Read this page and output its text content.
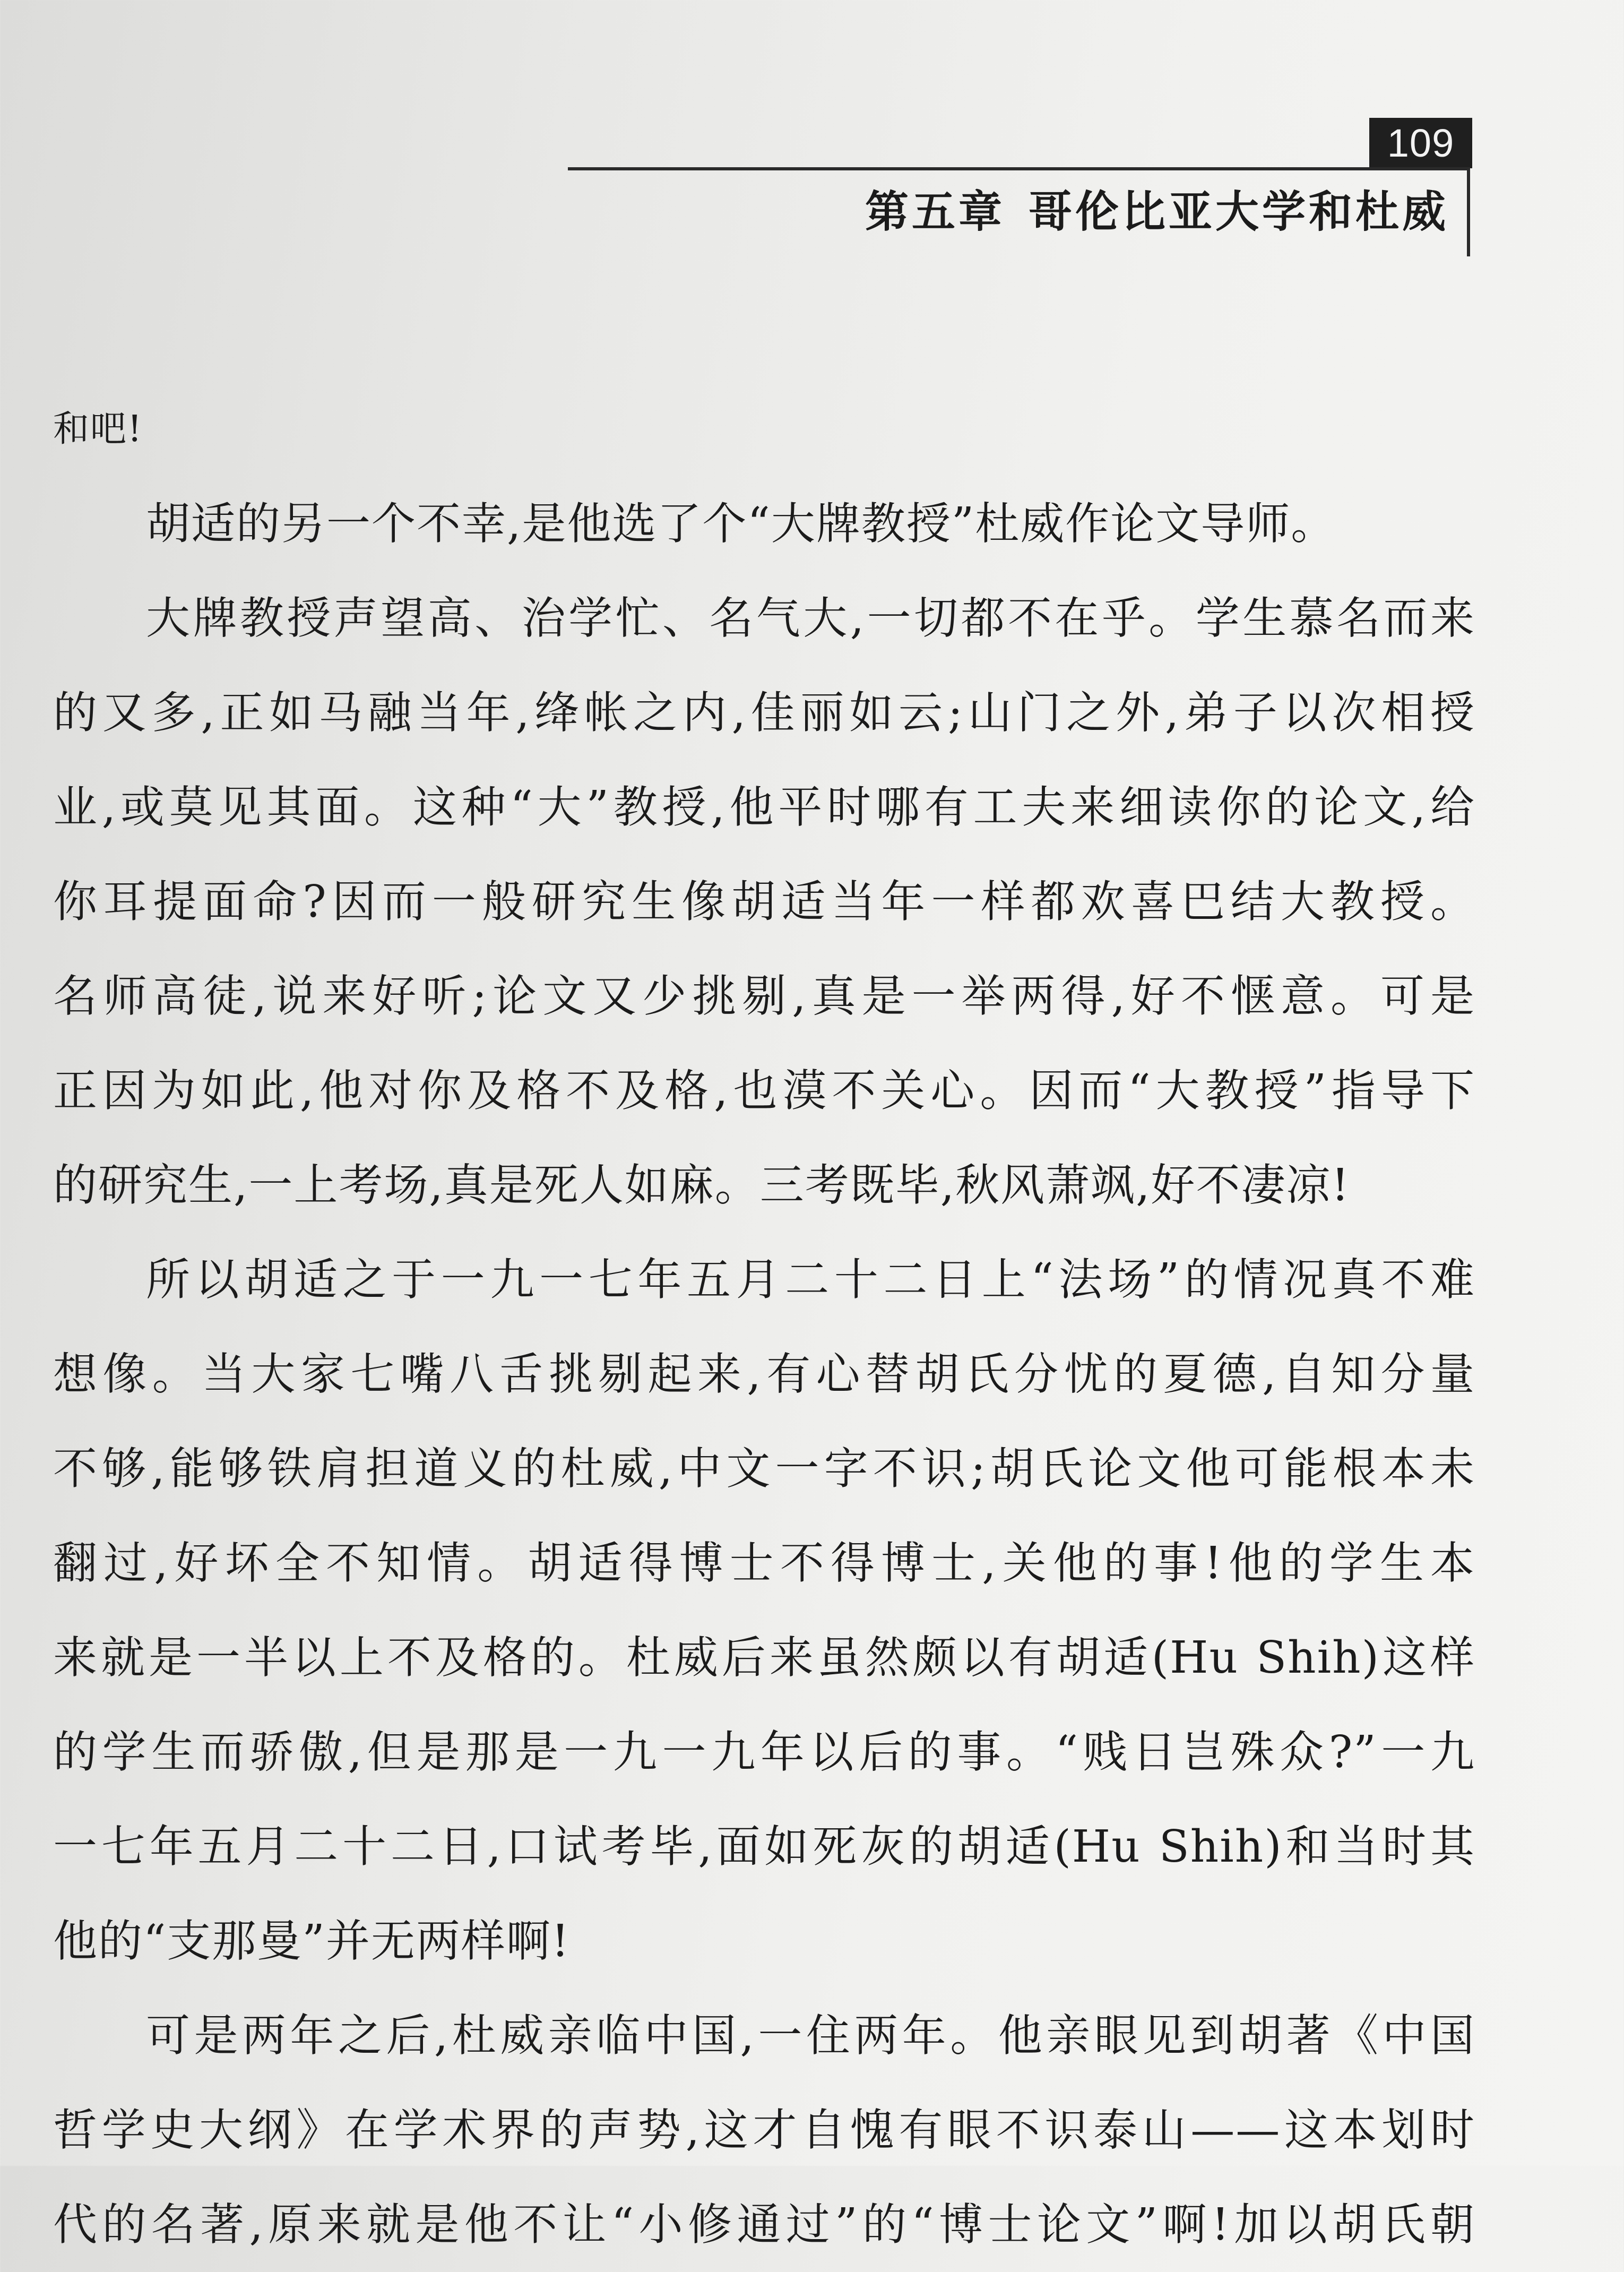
109
第五章 哥伦比亚大学和杜威
和吧!
胡适的另一个不幸,是他选了个“大牌教授”杜威作论文导师。
大牌教授声望高、治学忙、名气大,一切都不在乎。学生慕名而来
的又多,正如马融当年,绛帐之内,佳丽如云;山门之外,弟子以次相授
业,或莫见其面。这种“大”教授,他平时哪有工夫来细读你的论文,给
你耳提面命?因而一般研究生像胡适当年一样都欢喜巴结大教授。
名师高徒,说来好听;论文又少挑剔,真是一举两得,好不惬意。可是
正因为如此,他对你及格不及格,也漠不关心。因而“大教授”指导下
的研究生,一上考场,真是死人如麻。三考既毕,秋风萧飒,好不凄凉!
所以胡适之于一九一七年五月二十二日上“法场”的情况真不难
想像。当大家七嘴八舌挑剔起来,有心替胡氏分忧的夏德,自知分量
不够,能够铁肩担道义的杜威,中文一字不识;胡氏论文他可能根本未
翻过,好坏全不知情。胡适得博士不得博士,关他的事!他的学生本
来就是一半以上不及格的。杜威后来虽然颇以有胡适(Hu Shih)这样
的学生而骄傲,但是那是一九一九年以后的事。“贱日岂殊众?”一九
一七年五月二十二日,口试考毕,面如死灰的胡适(Hu Shih)和当时其
他的“支那曼”并无两样啊!
可是两年之后,杜威亲临中国,一住两年。他亲眼见到胡著《中国
哲学史大纲》在学术界的声势,这才自愧有眼不识泰山——这本划时
代的名著,原来就是他不让“小修通过”的“博士论文”啊!加以胡氏朝
